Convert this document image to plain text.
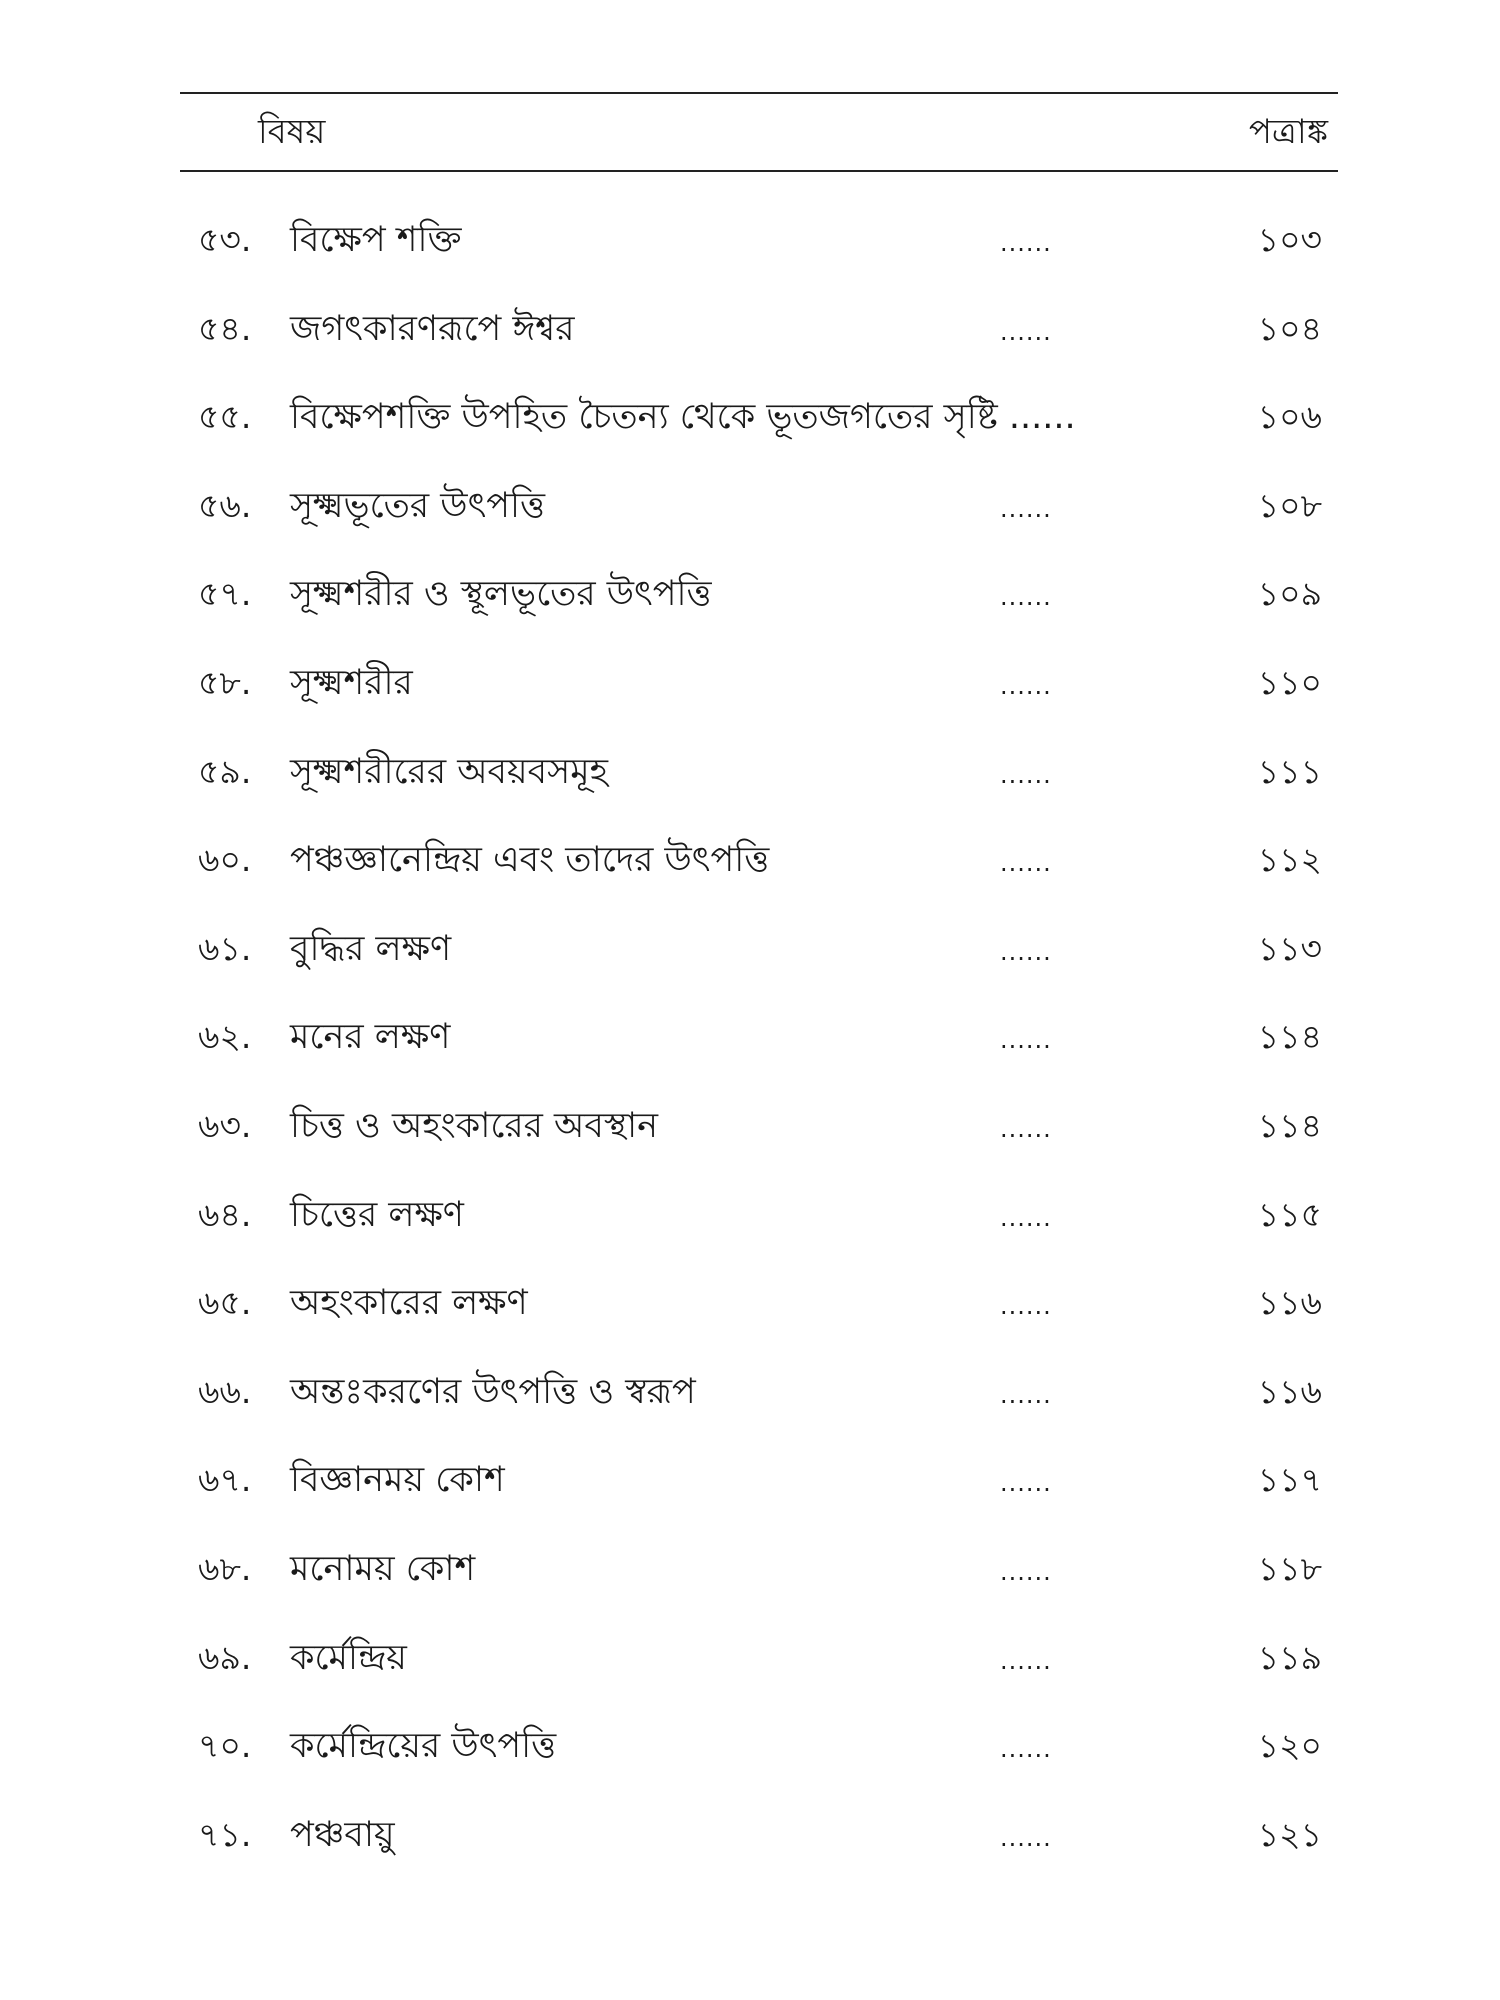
বিষয়	পত্রাঙ্ক
৫৩.	বিক্ষেপ শক্তি	......	১০৩
৫৪.	জগৎকারণরূপে ঈশ্বর	......	১০৪
৫৫.	বিক্ষেপশক্তি উপহিত চৈতন্য থেকে ভূতজগতের সৃষ্টি ......	১০৬
৫৬.	সূক্ষ্মভূতের উৎপত্তি	......	১০৮
৫৭.	সূক্ষ্মশরীর ও স্থূলভূতের উৎপত্তি	......	১০৯
৫৮.	সূক্ষ্মশরীর	......	১১০
৫৯.	সূক্ষ্মশরীরের অবয়বসমূহ	......	১১১
৬০.	পঞ্চজ্ঞানেন্দ্রিয় এবং তাদের উৎপত্তি	......	১১২
৬১.	বুদ্ধির লক্ষণ	......	১১৩
৬২.	মনের লক্ষণ	......	১১৪
৬৩.	চিত্ত ও অহংকারের অবস্থান	......	১১৪
৬৪.	চিত্তের লক্ষণ	......	১১৫
৬৫.	অহংকারের লক্ষণ	......	১১৬
৬৬.	অন্তঃকরণের উৎপত্তি ও স্বরূপ	......	১১৬
৬৭.	বিজ্ঞানময় কোশ	......	১১৭
৬৮.	মনোময় কোশ	......	১১৮
৬৯.	কর্মেন্দ্রিয়	......	১১৯
৭০.	কর্মেন্দ্রিয়ের উৎপত্তি	......	১২০
৭১.	পঞ্চবায়ু	......	১২১
